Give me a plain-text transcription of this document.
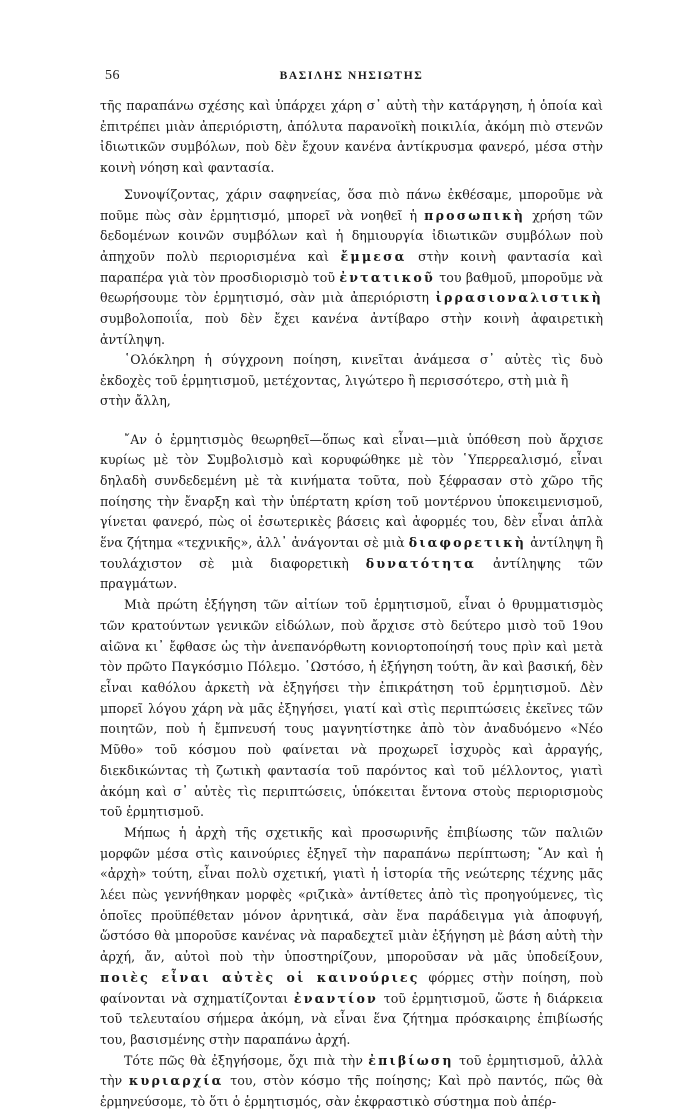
56	ΒΑΣΙΛΗΣ ΝΗΣΙΩΤΗΣ

τῆς παραπάνω σχέσης καὶ ὑπάρχει χάρη σ᾿ αὐτὴ τὴν κατάργηση, ἡ ὁποία καὶ ἐπιτρέπει μιὰν ἀπεριόριστη, ἀπόλυτα παρανοϊκὴ ποικιλία, ἀκόμη πιὸ στενῶν ἰδιωτικῶν συμβόλων, ποὺ δὲν ἔχουν κανένα ἀντίκρυσμα φανερό, μέσα στὴν κοινὴ νόηση καὶ φαντασία.

Συνοψίζοντας, χάριν σαφηνείας, ὅσα πιὸ πάνω ἐκθέσαμε, μποροῦμε νὰ ποῦμε πὼς σὰν ἑρμητισμό, μπορεῖ νὰ νοηθεῖ ἡ προσωπικὴ χρήση τῶν δεδομένων κοινῶν συμβόλων καὶ ἡ δημιουργία ἰδιωτικῶν συμβόλων ποὺ ἀπηχοῦν πολὺ περιορισμένα καὶ ἔμμεσα στὴν κοινὴ φαντασία καὶ παραπέρα γιὰ τὸν προσδιορισμὸ τοῦ ἐντατικοῦ του βαθμοῦ, μποροῦμε νὰ θεωρήσουμε τὸν ἑρμητισμό, σὰν μιὰ ἀπεριόριστη ἰρρασιοναλιστικὴ συμβολοποιΐα, ποὺ δὲν ἔχει κανένα ἀντίβαρο στὴν κοινὴ ἀφαιρετικὴ ἀντίληψη.

῾Ολόκληρη ἡ σύγχρονη ποίηση, κινεῖται ἀνάμεσα σ᾿ αὐτὲς τὶς δυὸ ἐκδοχὲς τοῦ ἑρμητισμοῦ, μετέχοντας, λιγώτερο ἢ περισσότερο, στὴ μιὰ ἢ

στὴν ἄλλη,

῎Αν ὁ ἑρμητισμὸς θεωρηθεῖ—ὅπως καὶ εἶναι—μιὰ ὑπόθεση ποὺ ἄρχισε κυρίως μὲ τὸν Συμβολισμὸ καὶ κορυφώθηκε μὲ τὸν ῾Υπερρεαλισμό, εἶναι δηλαδὴ συνδεδεμένη μὲ τὰ κινήματα τοῦτα, ποὺ ξέφρασαν στὸ χῶρο τῆς ποίησης τὴν ἔναρξη καὶ τὴν ὑπέρτατη κρίση τοῦ μοντέρνου ὑποκειμενισμοῦ, γίνεται φανερό, πὼς οἱ ἐσωτερικὲς βάσεις καὶ ἀφορμές του, δὲν εἶναι ἁπλὰ ἕνα ζήτημα «τεχνικῆς», ἀλλ᾿ ἀνάγονται σὲ μιὰ διαφορετικὴ ἀντίληψη ἢ τουλάχιστον σὲ μιὰ διαφορετικὴ δυνατότητα ἀντίληψης τῶν πραγμάτων.

Μιὰ πρώτη ἐξήγηση τῶν αἰτίων τοῦ ἑρμητισμοῦ, εἶναι ὁ θρυμματισμὸς τῶν κρατούντων γενικῶν εἰδώλων, ποὺ ἄρχισε στὸ δεύτερο μισὸ τοῦ 19ου αἰῶνα κι᾿ ἔφθασε ὡς τὴν ἀνεπανόρθωτη κονιορτοποίησή τους πρὶν καὶ μετὰ τὸν πρῶτο Παγκόσμιο Πόλεμο. ῾Ωστόσο, ἡ ἐξήγηση τούτη, ἂν καὶ βασική, δὲν εἶναι καθόλου ἀρκετὴ νὰ ἐξηγήσει τὴν ἐπικράτηση τοῦ ἑρμητισμοῦ. Δὲν μπορεῖ λόγου χάρη νὰ μᾶς ἐξηγήσει, γιατί καὶ στὶς περιπτώσεις ἐκεῖνες τῶν ποιητῶν, ποὺ ἡ ἔμπνευσή τους μαγνητίστηκε ἀπὸ τὸν ἀναδυόμενο «Νέο Μῦθο» τοῦ κόσμου ποὺ φαίνεται νὰ προχωρεῖ ἰσχυρὸς καὶ ἀρραγής, διεκδικώντας τὴ ζωτικὴ φαντασία τοῦ παρόντος καὶ τοῦ μέλλοντος, γιατὶ ἀκόμη καὶ σ᾿ αὐτὲς τὶς περιπτώσεις, ὑπόκειται ἔντονα στοὺς περιορισμοὺς τοῦ ἑρμητισμοῦ.

Μήπως ἡ ἀρχὴ τῆς σχετικῆς καὶ προσωρινῆς ἐπιβίωσης τῶν παλιῶν μορφῶν μέσα στὶς καινούριες ἐξηγεῖ τὴν παραπάνω περίπτωση; ῎Αν καὶ ἡ «ἀρχὴ» τούτη, εἶναι πολὺ σχετική, γιατὶ ἡ ἱστορία τῆς νεώτερης τέχνης μᾶς λέει πὼς γεννήθηκαν μορφὲς «ριζικὰ» ἀντίθετες ἀπὸ τὶς προηγούμενες, τὶς ὁποῖες προϋπέθεταν μόνον ἀρνητικά, σὰν ἕνα παράδειγμα γιὰ ἀποφυγή, ὥστόσο θὰ μποροῦσε κανένας νὰ παραδεχτεῖ μιὰν ἐξήγηση μὲ βάση αὐτὴ τὴν ἀρχή, ἄν, αὐτοὶ ποὺ τὴν ὑποστηρίζουν, μποροῦσαν νὰ μᾶς ὑποδείξουν, ποιὲς εἶναι αὐτὲς οἱ καινούριες φόρμες στὴν ποίηση, ποὺ φαίνονται νὰ σχηματίζονται ἐναντίον τοῦ ἑρμητισμοῦ, ὥστε ἡ διάρκεια τοῦ τελευταίου σήμερα ἀκόμη, νὰ εἶναι ἕνα ζήτημα πρόσκαιρης ἐπιβίωσής του, βασισμένης στὴν παραπάνω ἀρχή.

Τότε πῶς θὰ ἐξηγήσομε, ὄχι πιὰ τὴν ἐπιβίωση τοῦ ἑρμητισμοῦ, ἀλλὰ τὴν κυριαρχία του, στὸν κόσμο τῆς ποίησης; Καὶ πρὸ παντός, πῶς θὰ ἑρμηνεύσομε, τὸ ὅτι ὁ ἑρμητισμός, σὰν ἐκφραστικὸ σύστημα ποὺ ἀπέρ-
